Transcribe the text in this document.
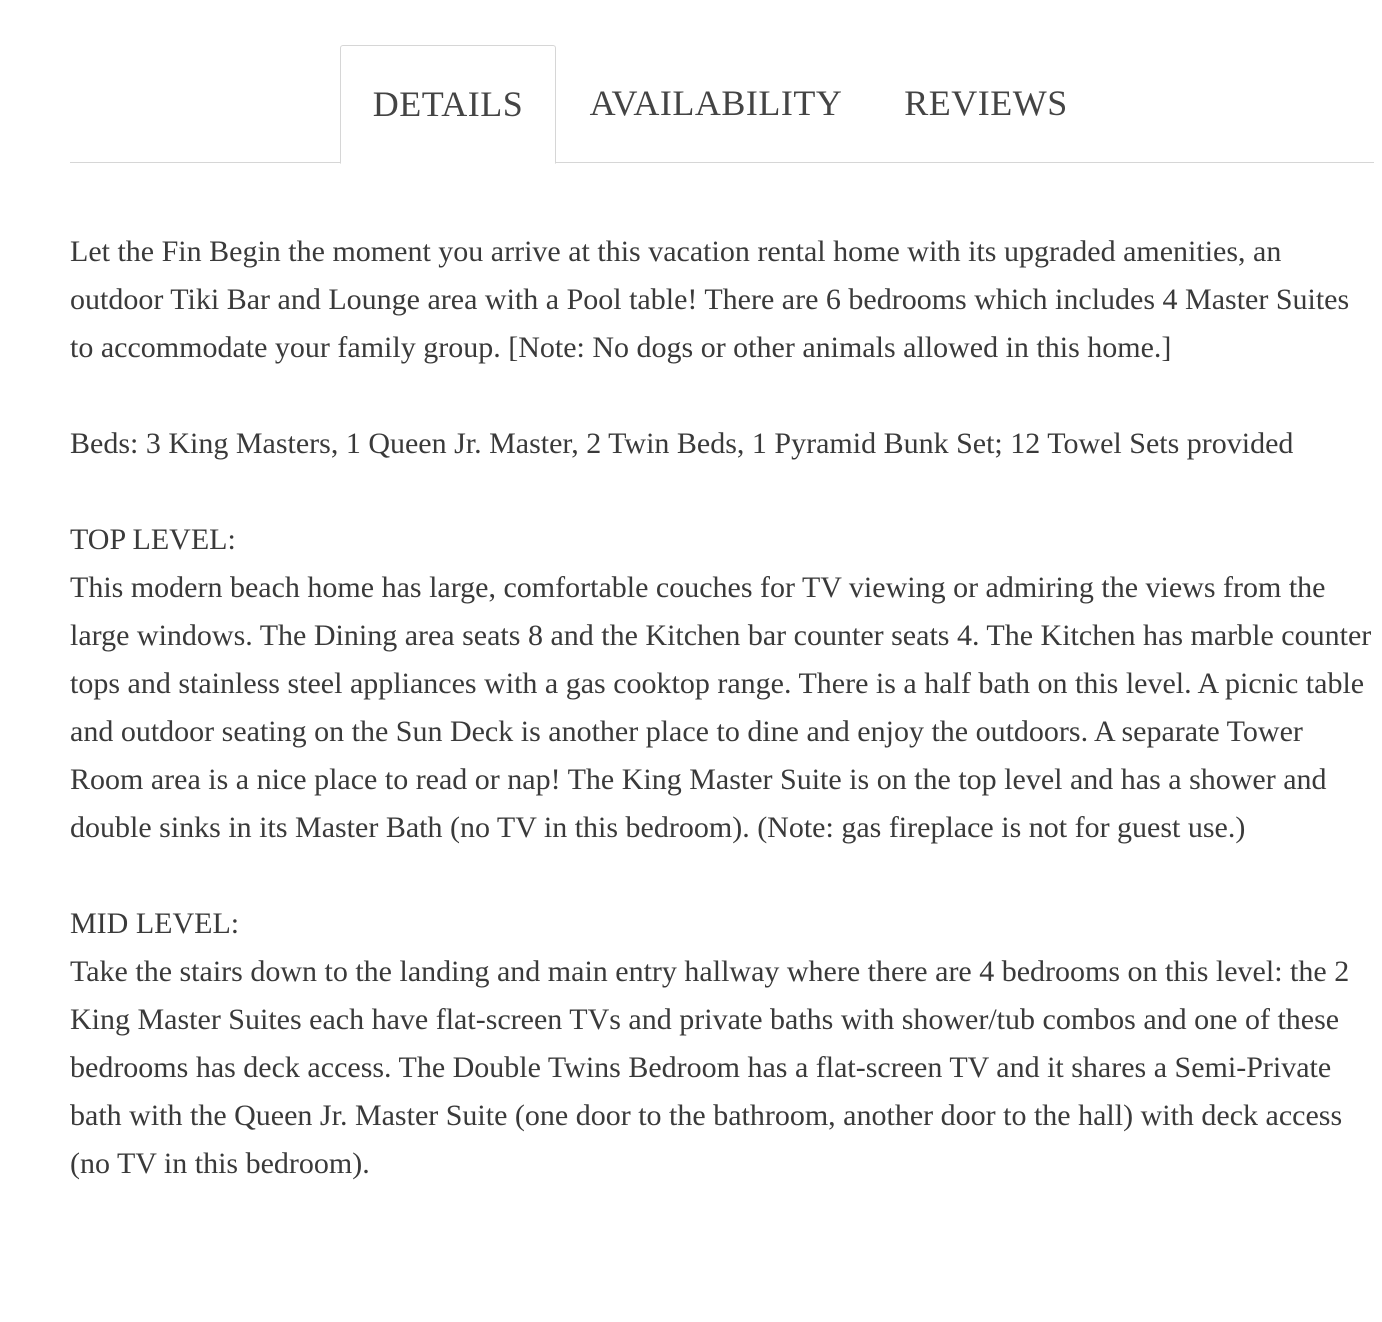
DETAILS	AVAILABILITY REVIEWS

Let the Fin Begin the moment you arrive at this vacation rental home with its upgraded amenities, an outdoor Tiki Bar and Lounge area with a Pool table! There are 6 bedrooms which includes 4 Master Suites to accommodate your family group. [Note: No dogs or other animals allowed in this home.]

Beds: 3 King Masters, 1 Queen Jr. Master, 2 Twin Beds, 1 Pyramid Bunk Set; 12 Towel Sets provided

TOP LEVEL:

This modern beach home has large, comfortable couches for TV viewing or admiring the views from the large windows. The Dining area seats 8 and the Kitchen bar counter seats 4. The Kitchen has marble counter tops and stainless steel appliances with a gas cooktop range. There is a half bath on this level. A picnic table and outdoor seating on the Sun Deck is another place to dine and enjoy the outdoors. A separate Tower Room area is a nice place to read or nap! The King Master Suite is on the top level and has a shower and double sinks in its Master Bath (no TV in this bedroom). (Note: gas fireplace is not for guest use.)

MID LEVEL:

Take the stairs down to the landing and main entry hallway where there are 4 bedrooms on this level: the 2 King Master Suites each have flat-screen TVs and private baths with shower/tub combos and one of these bedrooms has deck access. The Double Twins Bedroom has a flat-screen TV and it shares a Semi-Private bath with the Queen Jr. Master Suite (one door to the bathroom, another door to the hall) with deck access (no TV in this bedroom).
